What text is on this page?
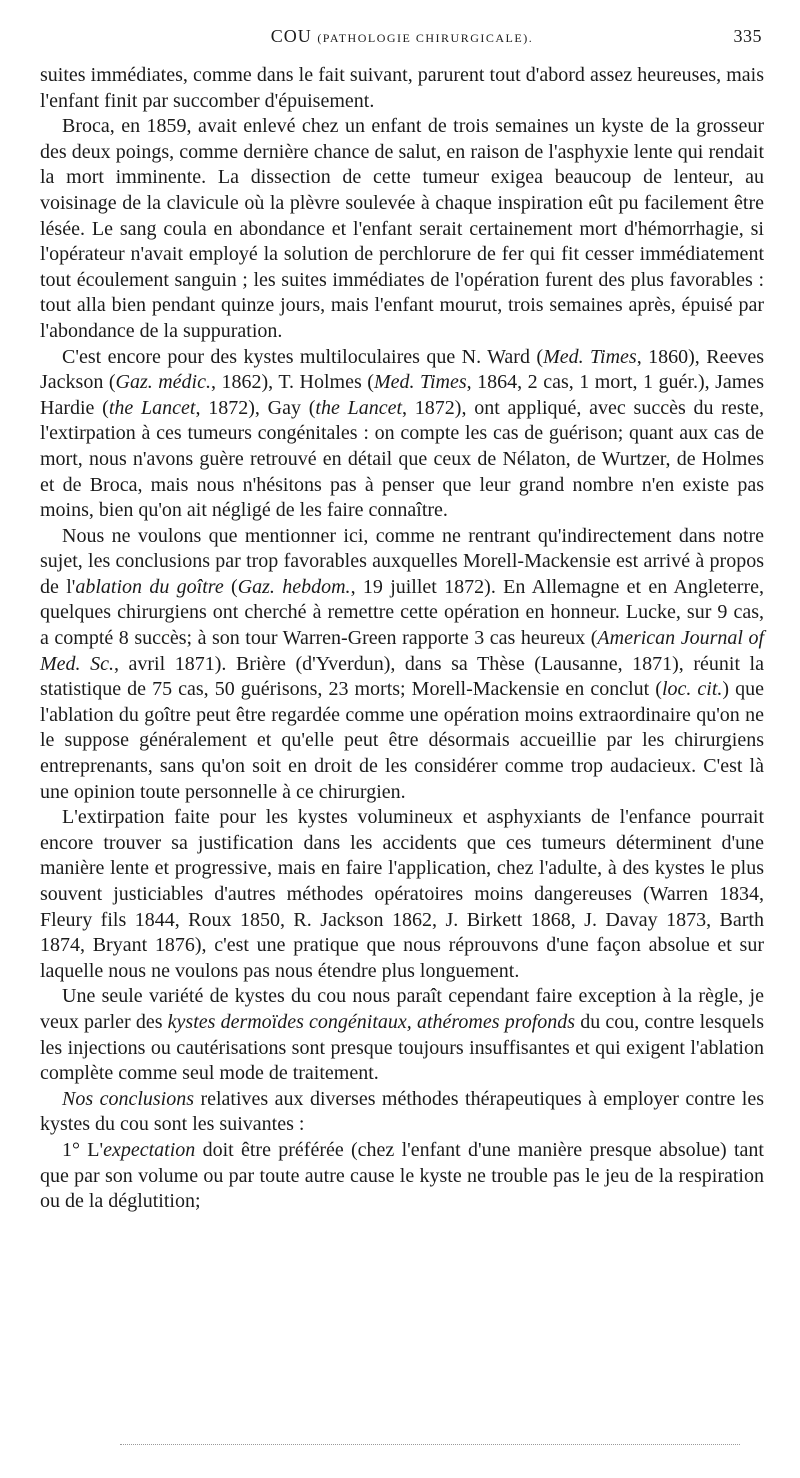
COU (PATHOLOGIE CHIRURGICALE).	335

suites immédiates, comme dans le fait suivant, parurent tout d'abord assez heureuses, mais l'enfant finit par succomber d'épuisement.

Broca, en 1859, avait enlevé chez un enfant de trois semaines un kyste de la grosseur des deux poings, comme dernière chance de salut, en raison de l'asphyxie lente qui rendait la mort imminente. La dissection de cette tumeur exigea beaucoup de lenteur, au voisinage de la clavicule où la plèvre soulevée à chaque inspiration eût pu facilement être lésée. Le sang coula en abondance et l'enfant serait certainement mort d'hémorrhagie, si l'opérateur n'avait employé la solution de perchlorure de fer qui fit cesser immédiatement tout écoulement sanguin ; les suites immédiates de l'opération furent des plus favorables : tout alla bien pendant quinze jours, mais l'enfant mourut, trois semaines après, épuisé par l'abondance de la suppuration.

C'est encore pour des kystes multiloculaires que N. Ward (Med. Times, 1860), Reeves Jackson (Gaz. médic., 1862), T. Holmes (Med. Times, 1864, 2 cas, 1 mort, 1 guér.), James Hardie (the Lancet, 1872), Gay (the Lancet, 1872), ont appliqué, avec succès du reste, l'extirpation à ces tumeurs congénitales : on compte les cas de guérison; quant aux cas de mort, nous n'avons guère retrouvé en détail que ceux de Nélaton, de Wurtzer, de Holmes et de Broca, mais nous n'hésitons pas à penser que leur grand nombre n'en existe pas moins, bien qu'on ait négligé de les faire connaître.

Nous ne voulons que mentionner ici, comme ne rentrant qu'indirectement dans notre sujet, les conclusions par trop favorables auxquelles Morell-Mackensie est arrivé à propos de l'ablation du goître (Gaz. hebdom., 19 juillet 1872). En Allemagne et en Angleterre, quelques chirurgiens ont cherché à remettre cette opération en honneur. Lucke, sur 9 cas, a compté 8 succès; à son tour Warren-Green rapporte 3 cas heureux (American Journal of Med. Sc., avril 1871). Brière (d'Yverdun), dans sa Thèse (Lausanne, 1871), réunit la statistique de 75 cas, 50 guérisons, 23 morts; Morell-Mackensie en conclut (loc. cit.) que l'ablation du goître peut être regardée comme une opération moins extraordinaire qu'on ne le suppose généralement et qu'elle peut être désormais accueillie par les chirurgiens entreprenants, sans qu'on soit en droit de les considérer comme trop audacieux. C'est là une opinion toute personnelle à ce chirurgien.

L'extirpation faite pour les kystes volumineux et asphyxiants de l'enfance pourrait encore trouver sa justification dans les accidents que ces tumeurs déterminent d'une manière lente et progressive, mais en faire l'application, chez l'adulte, à des kystes le plus souvent justiciables d'autres méthodes opératoires moins dangereuses (Warren 1834, Fleury fils 1844, Roux 1850, R. Jackson 1862, J. Birkett 1868, J. Davay 1873, Barth 1874, Bryant 1876), c'est une pratique que nous réprouvons d'une façon absolue et sur laquelle nous ne voulons pas nous étendre plus longuement.

Une seule variété de kystes du cou nous paraît cependant faire exception à la règle, je veux parler des kystes dermoïdes congénitaux, athéromes profonds du cou, contre lesquels les injections ou cautérisations sont presque toujours insuffisantes et qui exigent l'ablation complète comme seul mode de traitement.

Nos conclusions relatives aux diverses méthodes thérapeutiques à employer contre les kystes du cou sont les suivantes :

1° L'expectation doit être préférée (chez l'enfant d'une manière presque absolue) tant que par son volume ou par toute autre cause le kyste ne trouble pas le jeu de la respiration ou de la déglutition;
